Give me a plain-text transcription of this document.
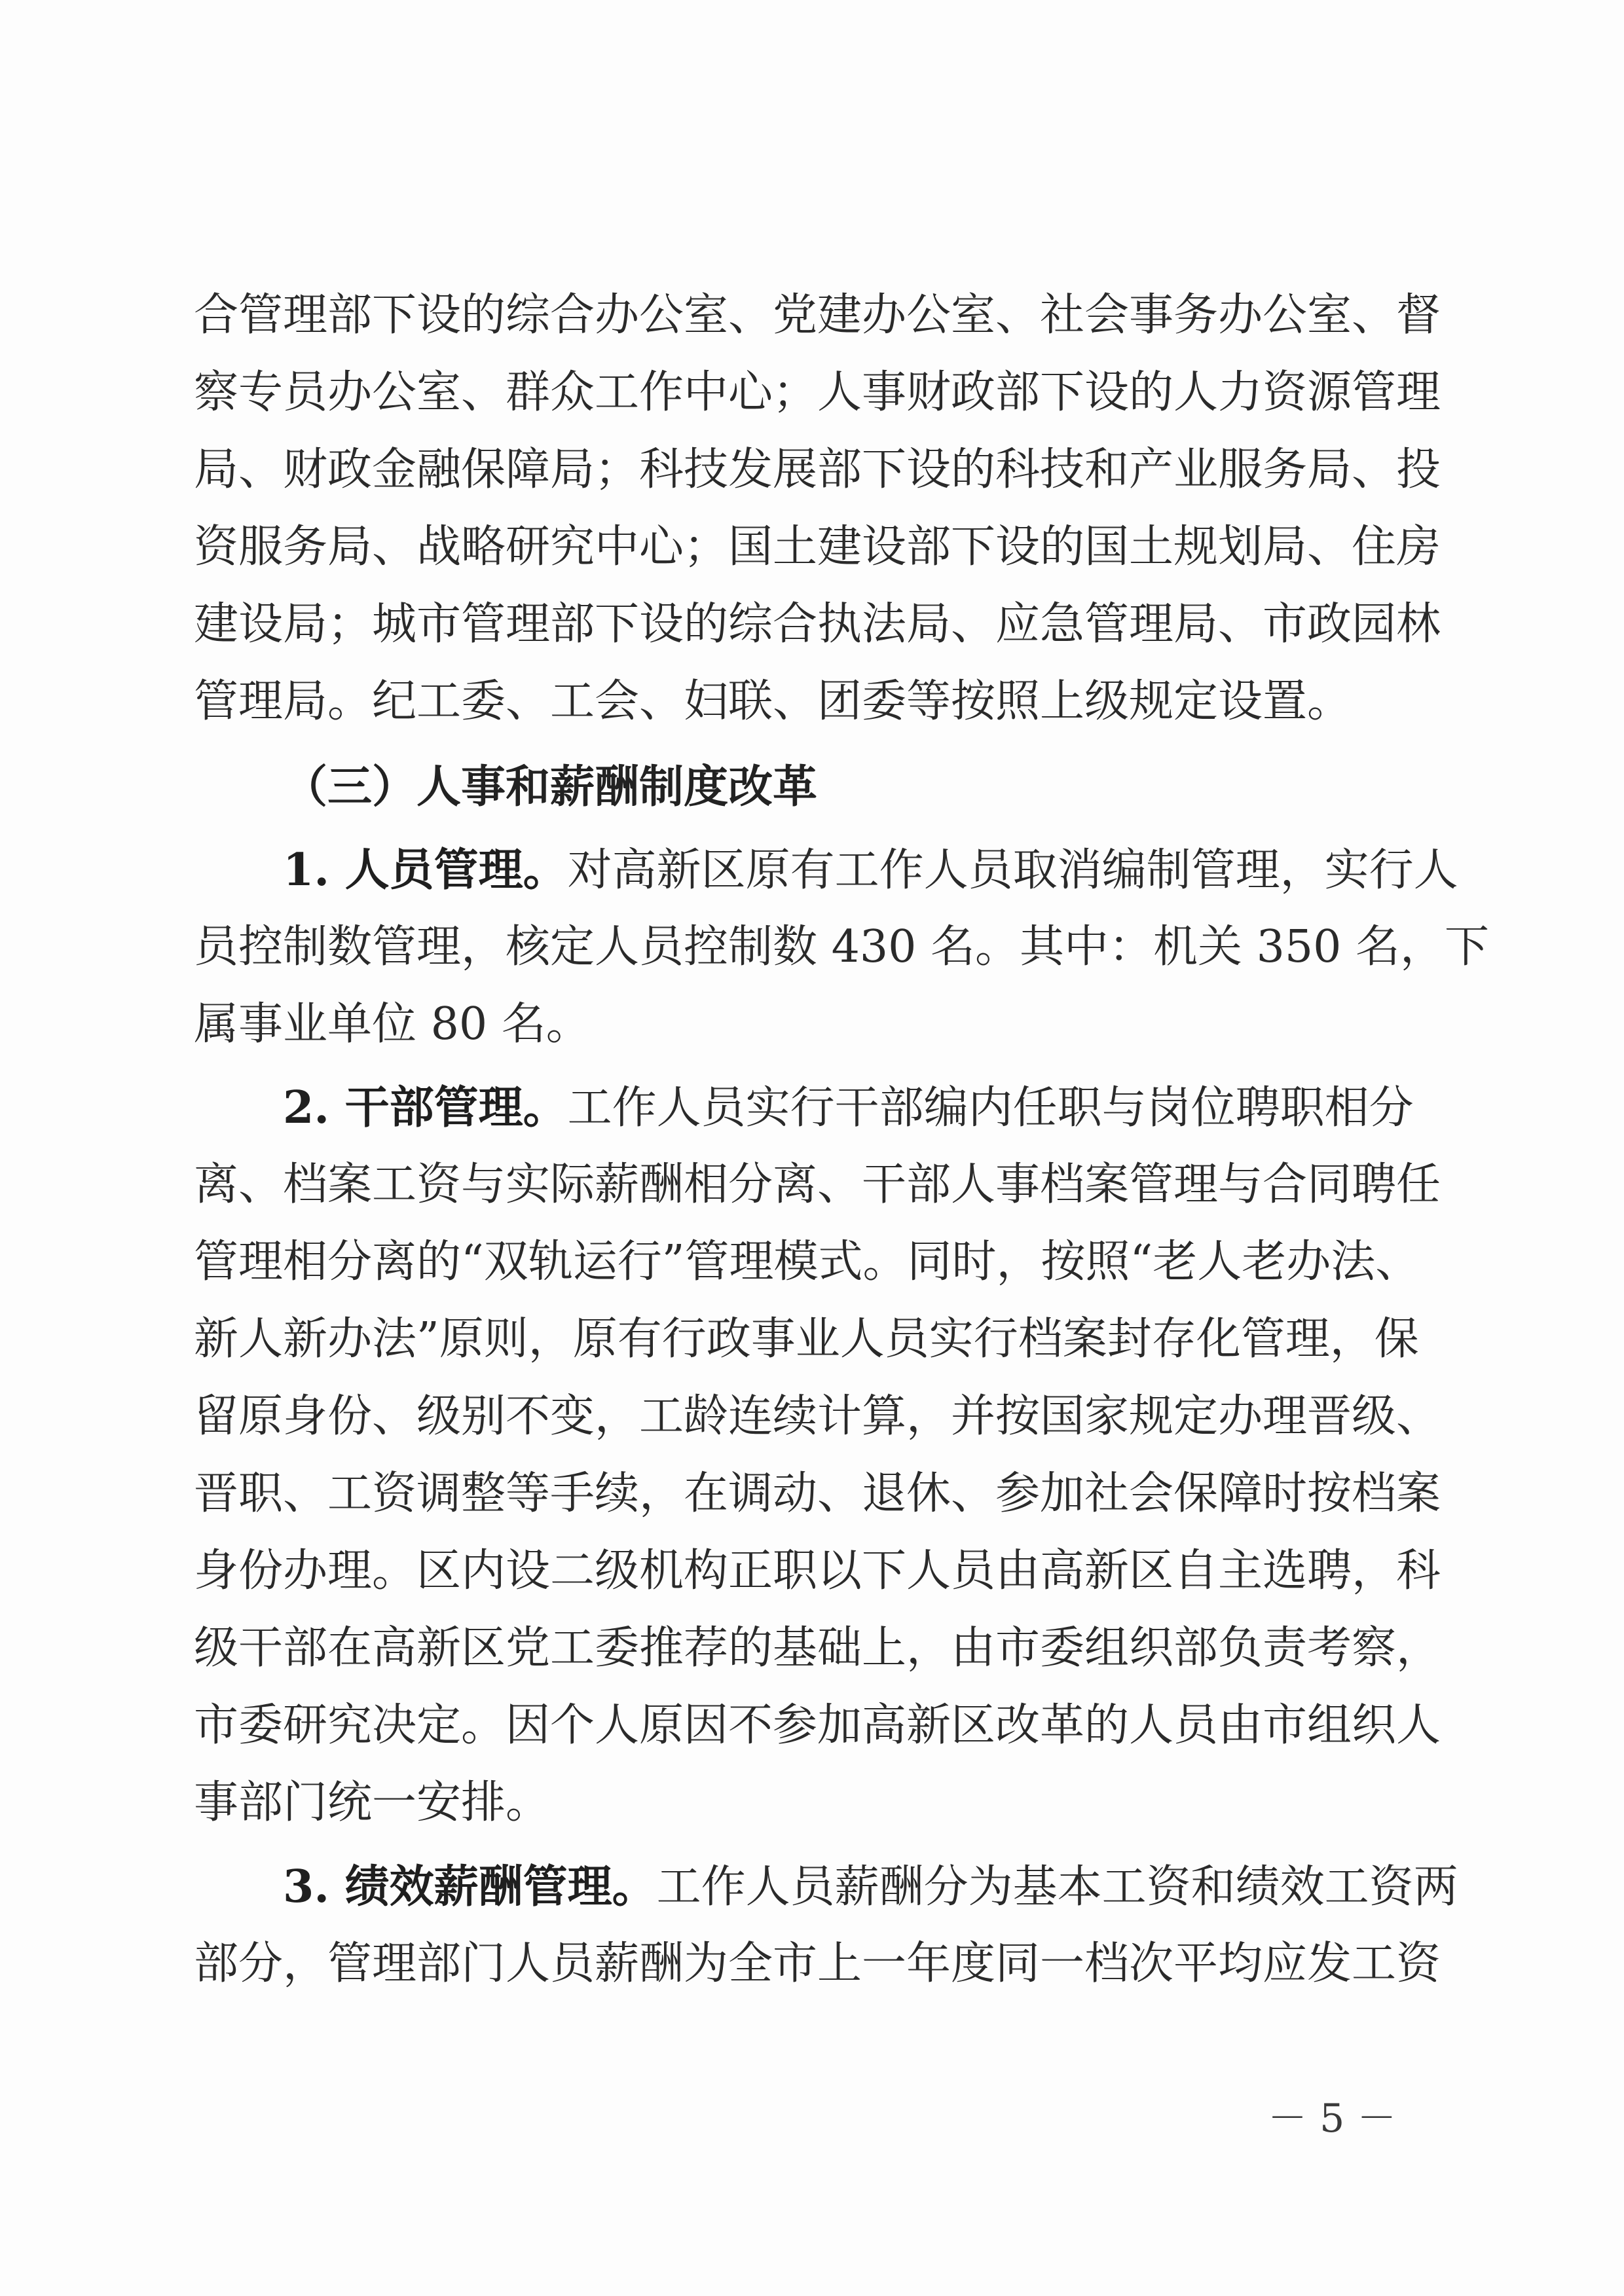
合管理部下设的综合办公室、党建办公室、社会事务办公室、督
察专员办公室、群众工作中心；人事财政部下设的人力资源管理
局、财政金融保障局；科技发展部下设的科技和产业服务局、投
资服务局、战略研究中心；国土建设部下设的国土规划局、住房
建设局；城市管理部下设的综合执法局、应急管理局、市政园林
管理局。纪工委、工会、妇联、团委等按照上级规定设置。
（三）人事和薪酬制度改革
1. 人员管理。对高新区原有工作人员取消编制管理，实行人
员控制数管理，核定人员控制数 430 名。其中：机关 350 名，下
属事业单位 80 名。
2. 干部管理。工作人员实行干部编内任职与岗位聘职相分
离、档案工资与实际薪酬相分离、干部人事档案管理与合同聘任
管理相分离的“双轨运行”管理模式。同时，按照“老人老办法、
新人新办法”原则，原有行政事业人员实行档案封存化管理，保
留原身份、级别不变，工龄连续计算，并按国家规定办理晋级、
晋职、工资调整等手续，在调动、退休、参加社会保障时按档案
身份办理。区内设二级机构正职以下人员由高新区自主选聘，科
级干部在高新区党工委推荐的基础上，由市委组织部负责考察，
市委研究决定。因个人原因不参加高新区改革的人员由市组织人
事部门统一安排。
3. 绩效薪酬管理。工作人员薪酬分为基本工资和绩效工资两
部分，管理部门人员薪酬为全市上一年度同一档次平均应发工资
－ 5 －
